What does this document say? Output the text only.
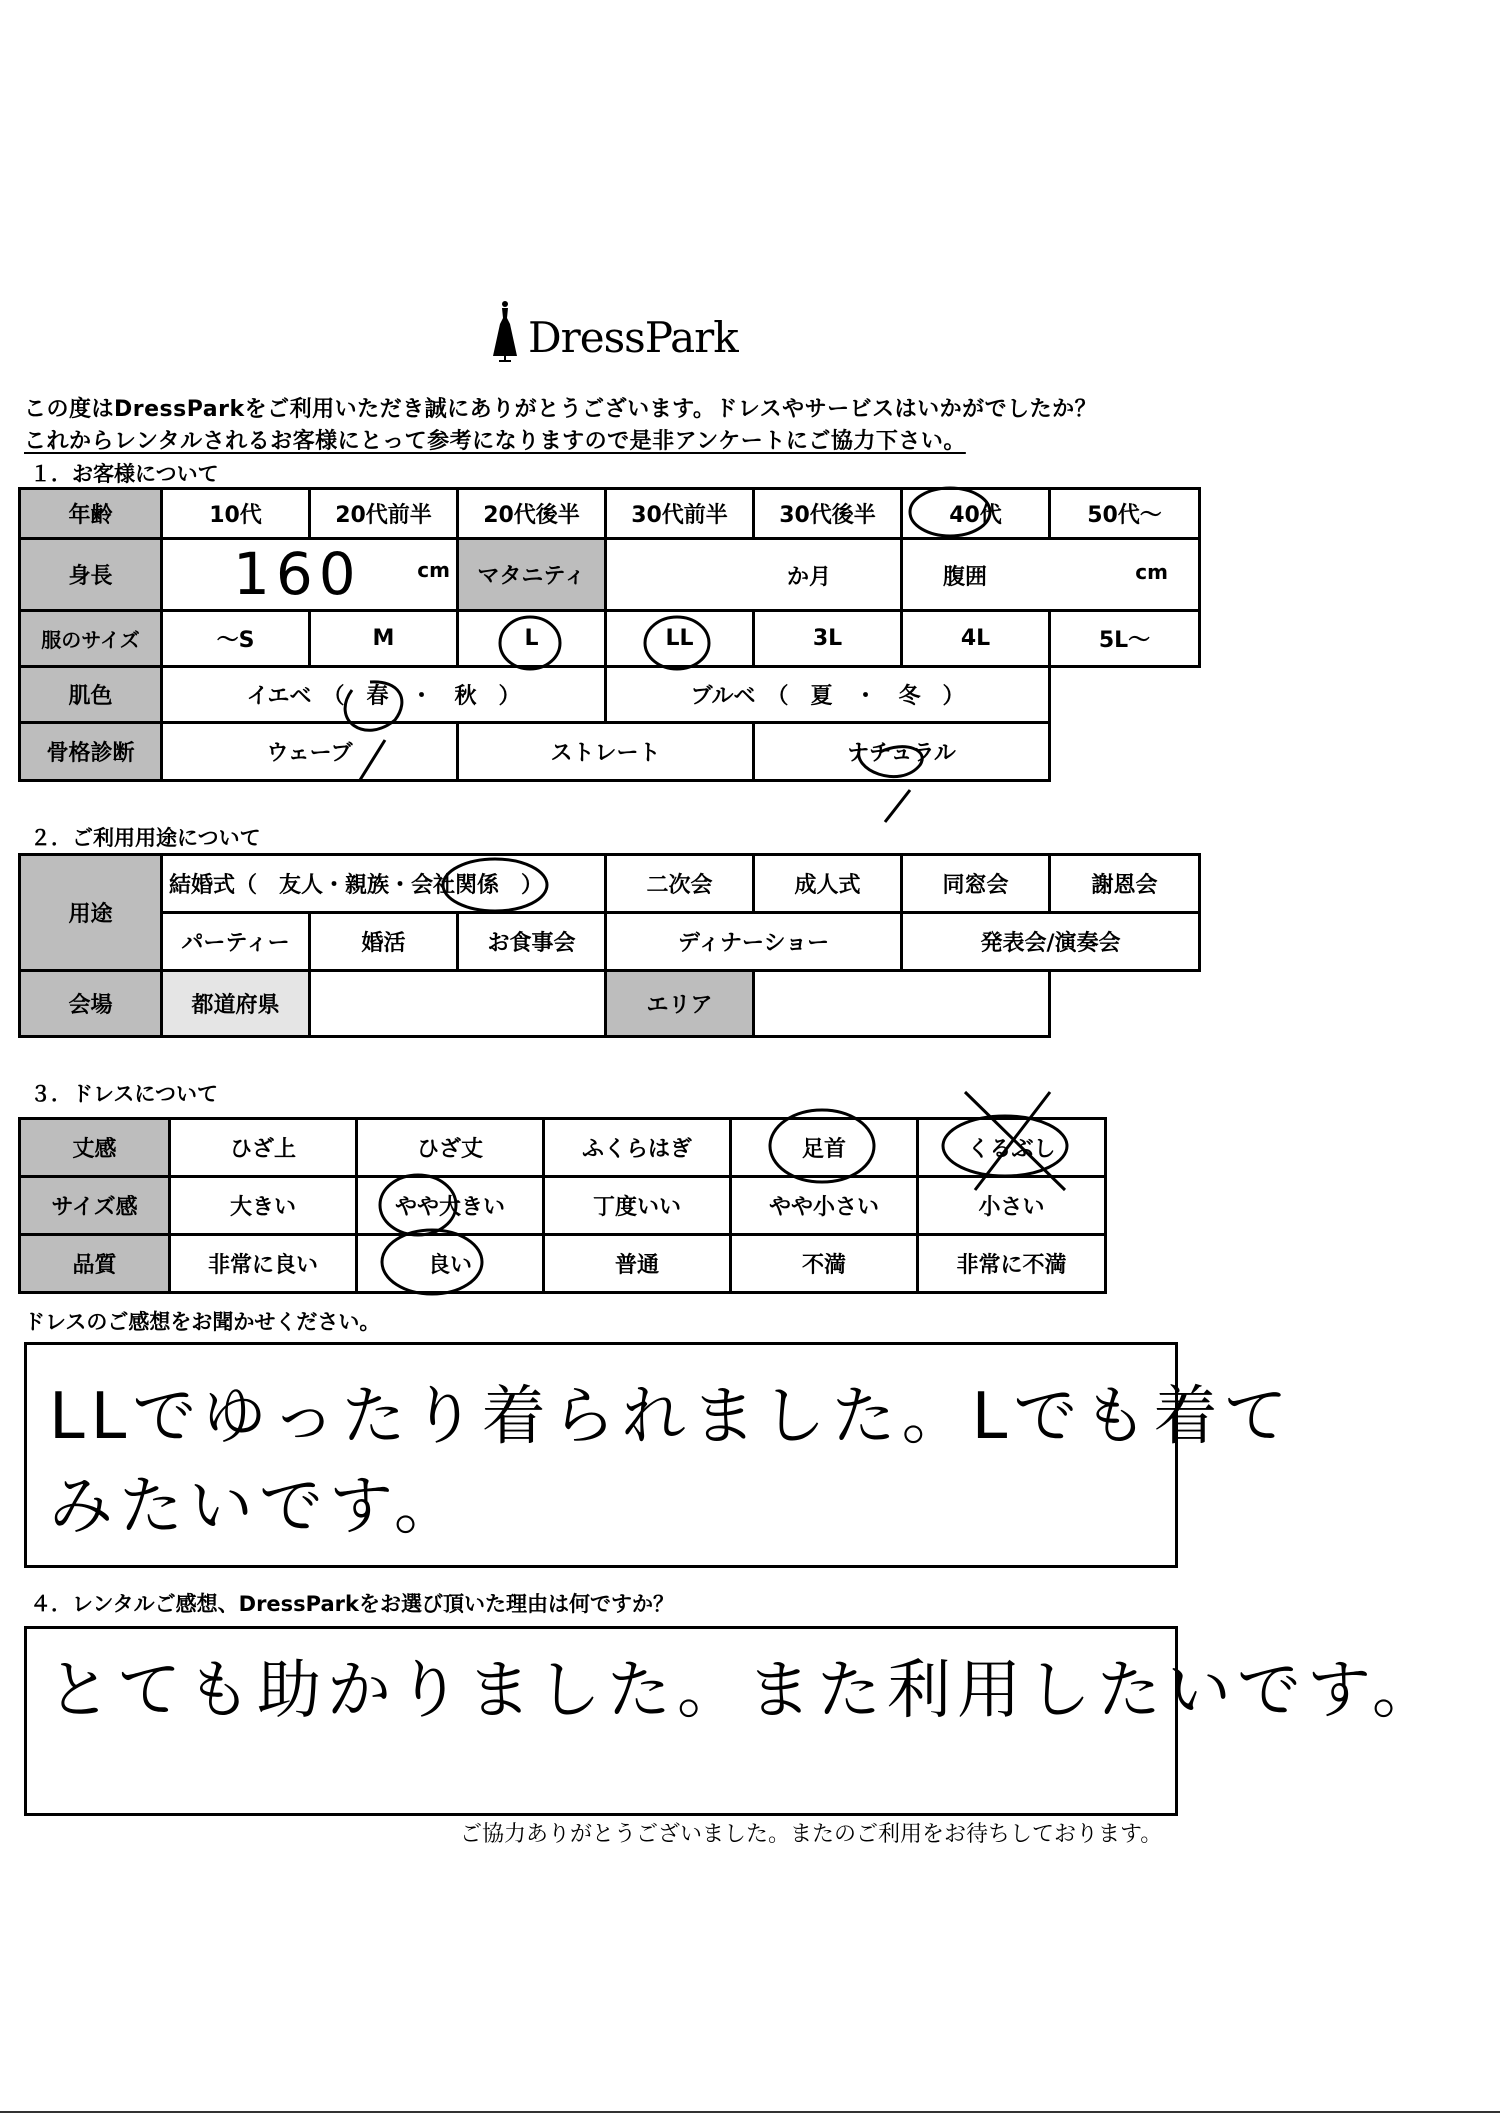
DressPark
この度はDressParkをご利用いただき誠にありがとうございます。ドレスやサービスはいかがでしたか？
これからレンタルされるお客様にとって参考になりますので是非アンケートにご協力下さい。
１．お客様について
年齢	10代	20代前半	20代後半	30代前半	30代後半	40代	50代～
身長	160 cm		マタニティ	か月		腹囲 cm	

服のサイズ	～S	M	L	LL	3L	4L	5L～
肌色	イエベ　（　春　・　秋　）			ブルベ　（　夏　・　冬　）			
骨格診断	ウェーブ		ストレート		ナチュラル		
２．ご利用用途について
用途	結婚式（　友人・親族・会社関係　）			二次会	成人式	同窓会	謝恩会
	パーティー	婚活	お食事会	ディナーショー		発表会/演奏会	
会場	都道府県			エリア			
３．ドレスについて
丈感	ひざ上	ひざ丈	ふくらはぎ	足首	くるぶし
サイズ感	大きい	やや大きい	丁度いい	やや小さい	小さい
品質	非常に良い	良い	普通	不満	非常に不満
ドレスのご感想をお聞かせください。
LLでゆったり着られました。Lでも着て
みたいです。
４．レンタルご感想、DressParkをお選び頂いた理由は何ですか？
とても助かりました。また利用したいです。
ご協力ありがとうございました。またのご利用をお待ちしております。
